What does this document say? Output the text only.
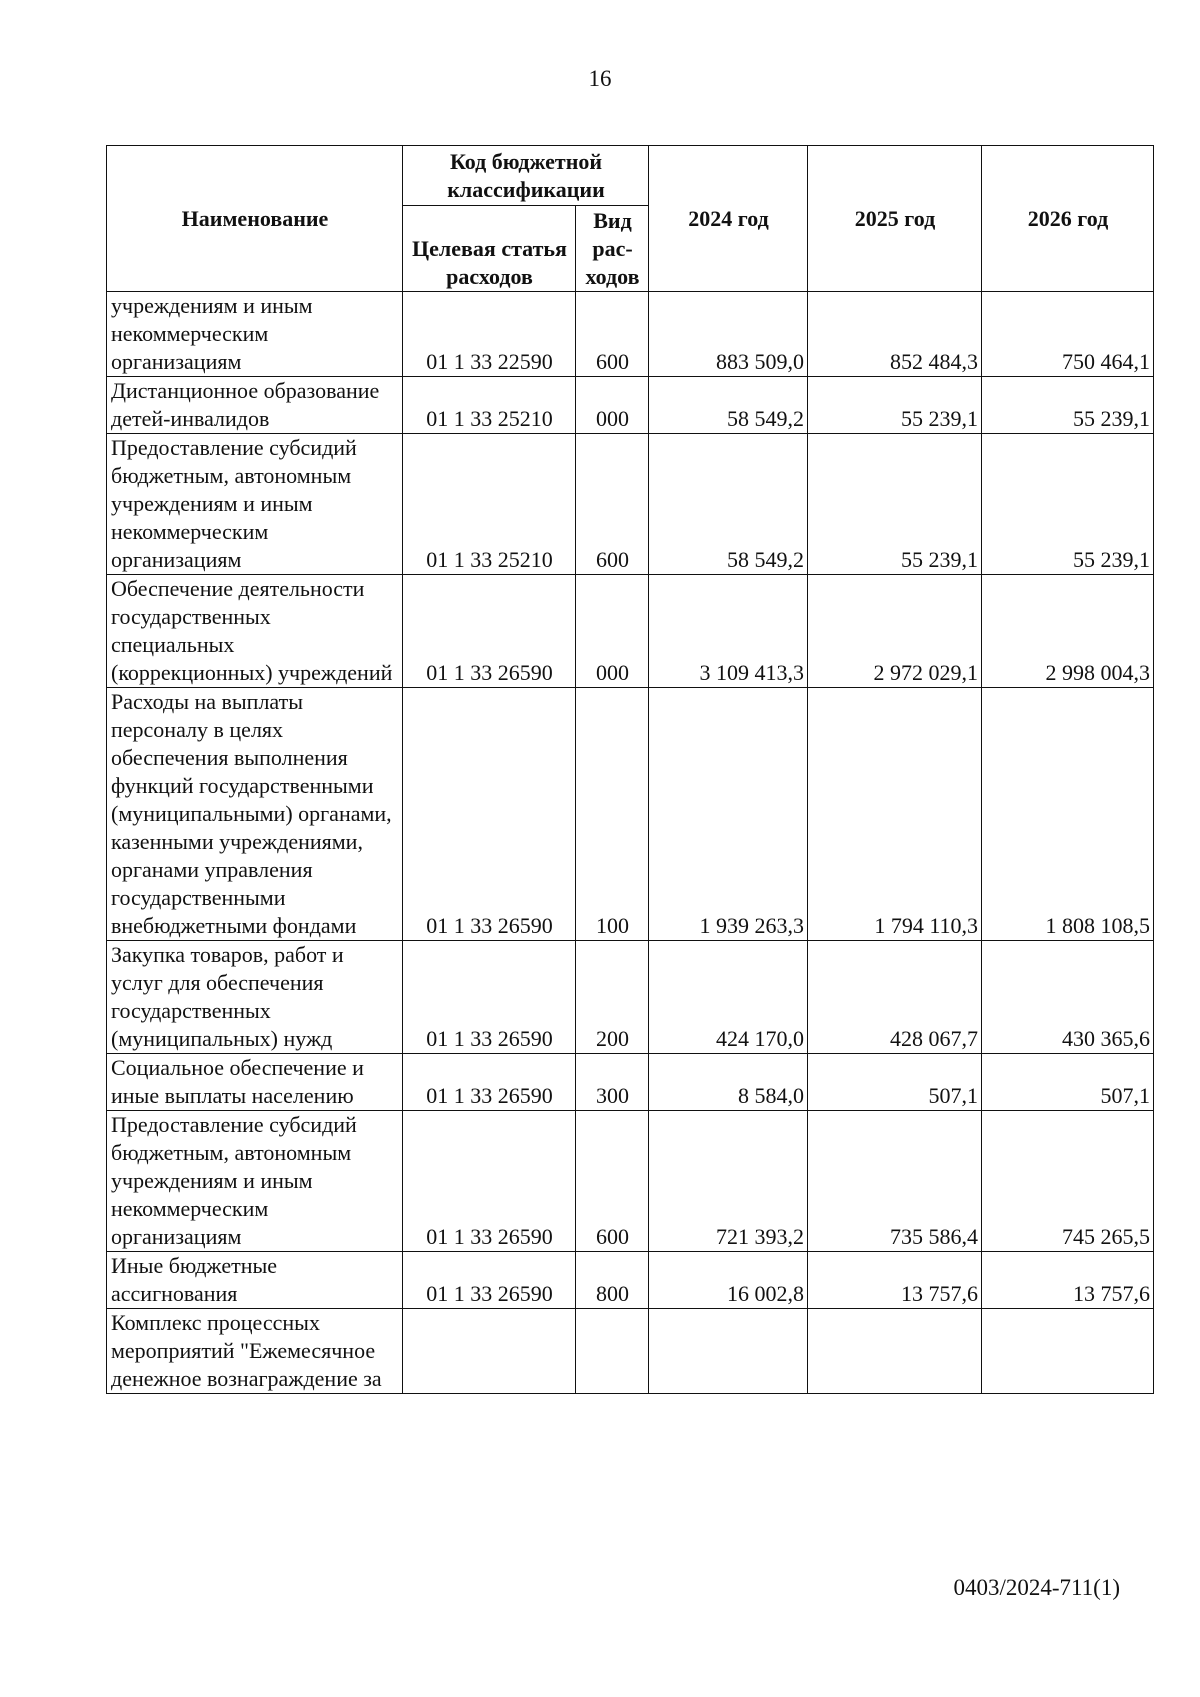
16
Наименование	Код бюджетной классификации		2024 год	2025 год	2026 год
	Целевая статья расходов	Вид рас-ходов			
учреждениям и иным некоммерческим организациям	01 1 33 22590	600	883 509,0	852 484,3	750 464,1
Дистанционное образование детей-инвалидов	01 1 33 25210	000	58 549,2	55 239,1	55 239,1
Предоставление субсидий бюджетным, автономным учреждениям и иным некоммерческим организациям	01 1 33 25210	600	58 549,2	55 239,1	55 239,1
Обеспечение деятельности государственных специальных (коррекционных) учреждений	01 1 33 26590	000	3 109 413,3	2 972 029,1	2 998 004,3
Расходы на выплаты персоналу в целях обеспечения выполнения функций государственными (муниципальными) органами, казенными учреждениями, органами управления государственными внебюджетными фондами	01 1 33 26590	100	1 939 263,3	1 794 110,3	1 808 108,5
Закупка товаров, работ и услуг для обеспечения государственных (муниципальных) нужд	01 1 33 26590	200	424 170,0	428 067,7	430 365,6
Социальное обеспечение и иные выплаты населению	01 1 33 26590	300	8 584,0	507,1	507,1
Предоставление субсидий бюджетным, автономным учреждениям и иным некоммерческим организациям	01 1 33 26590	600	721 393,2	735 586,4	745 265,5
Иные бюджетные ассигнования	01 1 33 26590	800	16 002,8	13 757,6	13 757,6
Комплекс процессных мероприятий "Ежемесячное денежное вознаграждение за					
0403/2024-711(1)
